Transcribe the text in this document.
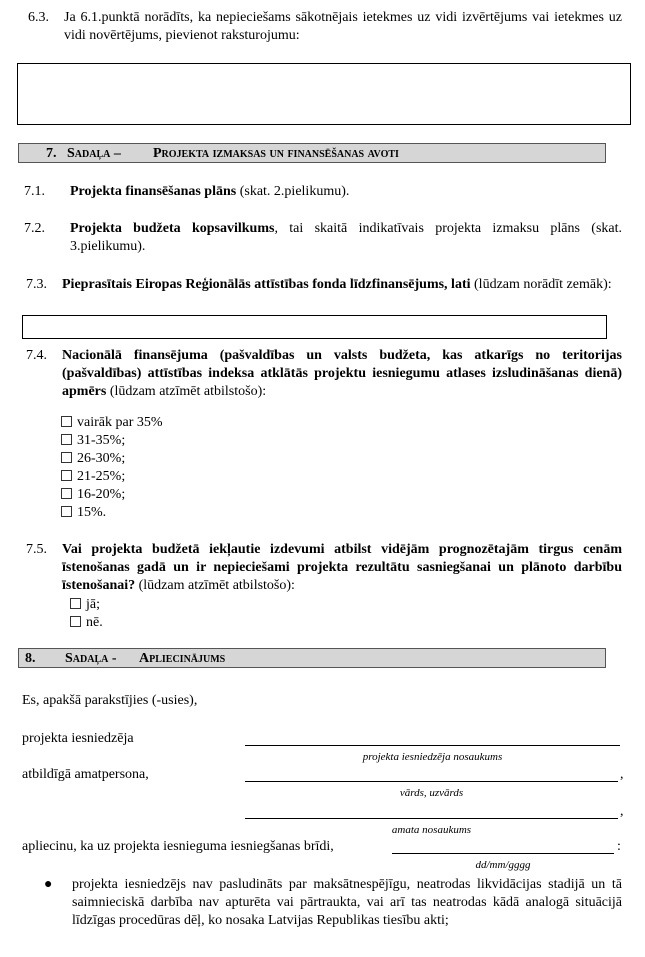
6.3. Ja 6.1.punktā norādīts, ka nepieciešams sākotnējais ietekmes uz vidi izvērtējums vai ietekmes uz vidi novērtējums, pievienot raksturojumu:
7. Sadaļa – Projekta izmaksas un finansēšanas avoti
7.1. Projekta finansēšanas plāns (skat. 2.pielikumu).
7.2. Projekta budžeta kopsavilkums, tai skaitā indikatīvais projekta izmaksu plāns (skat. 3.pielikumu).
7.3. Pieprasītais Eiropas Reģionālās attīstības fonda līdzfinansējums, lati (lūdzam norādīt zemāk):
7.4. Nacionālā finansējuma (pašvaldības un valsts budžeta, kas atkarīgs no teritorijas (pašvaldības) attīstības indeksa atklātās projektu iesniegumu atlases izsludināšanas dienā) apmērs (lūdzam atzīmēt atbilstošo):
vairāk par 35%
31-35%;
26-30%;
21-25%;
16-20%;
15%.
7.5. Vai projekta budžetā iekļautie izdevumi atbilst vidējām prognozētajām tirgus cenām īstenošanas gadā un ir nepieciešami projekta rezultātu sasniegšanai un plānoto darbību īstenošanai? (lūdzam atzīmēt atbilstošo):
jā;
nē.
8. Sadaļa - Apliecinājums
Es, apakšā parakstījies (-usies),
projekta iesniedzēja
projekta iesniedzēja nosaukums
atbildīgā amatpersona,	,
vārds, uzvārds
,
amata nosaukums
apliecinu, ka uz projekta iesnieguma iesniegšanas brīdi,	:
dd/mm/gggg
● projekta iesniedzējs nav pasludināts par maksātnespējīgu, neatrodas likvidācijas stadijā un tā saimnieciskā darbība nav apturēta vai pārtraukta, vai arī tas neatrodas kādā analogā situācijā līdzīgas procedūras dēļ, ko nosaka Latvijas Republikas tiesību akti;
